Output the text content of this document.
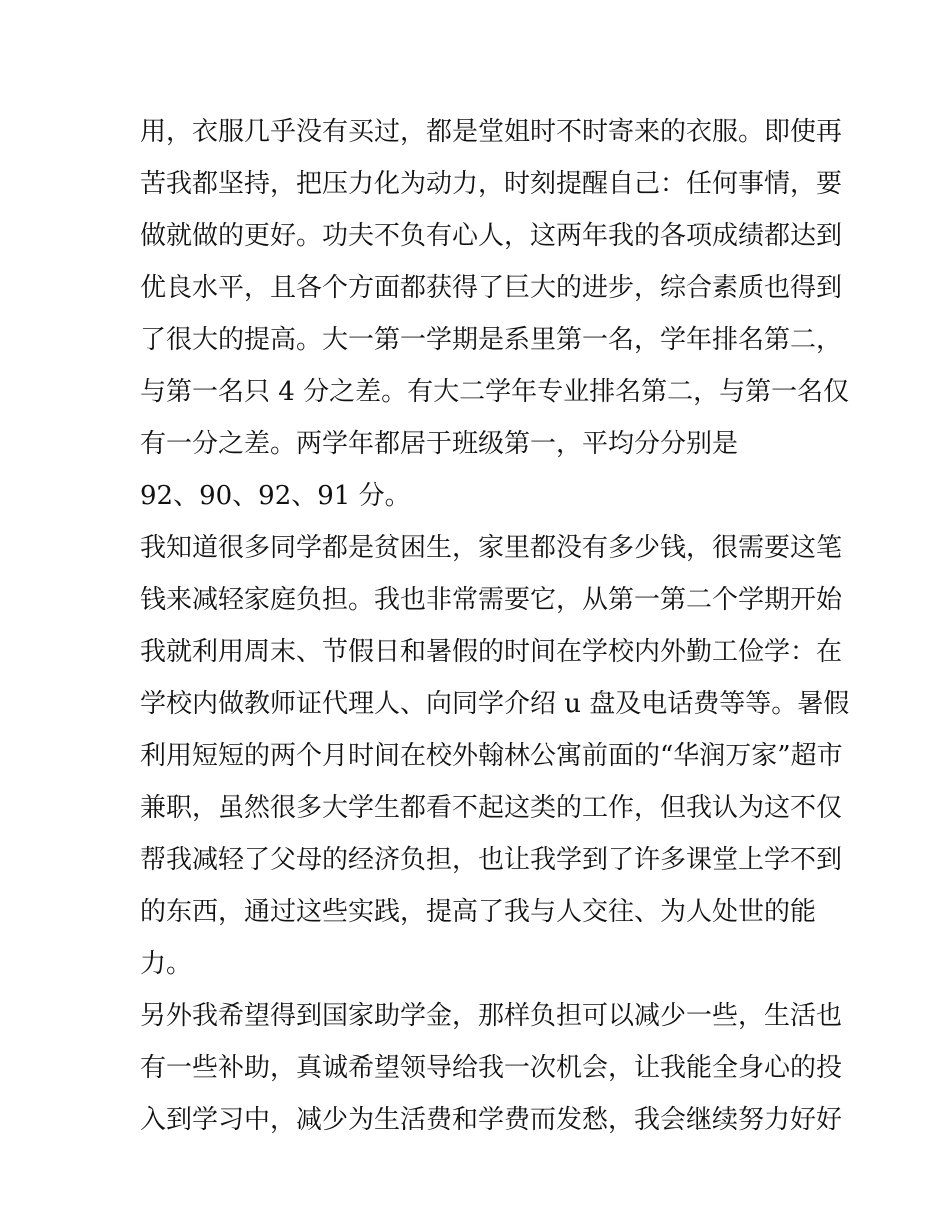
用，衣服几乎没有买过，都是堂姐时不时寄来的衣服。即使再
苦我都坚持，把压力化为动力，时刻提醒自己：任何事情，要
做就做的更好。功夫不负有心人，这两年我的各项成绩都达到
优良水平，且各个方面都获得了巨大的进步，综合素质也得到
了很大的提高。大一第一学期是系里第一名，学年排名第二，
与第一名只 4 分之差。有大二学年专业排名第二，与第一名仅
有一分之差。两学年都居于班级第一，平均分分别是
92、90、92、91 分。
我知道很多同学都是贫困生，家里都没有多少钱，很需要这笔
钱来减轻家庭负担。我也非常需要它，从第一第二个学期开始
我就利用周末、节假日和暑假的时间在学校内外勤工俭学：在
学校内做教师证代理人、向同学介绍 u 盘及电话费等等。暑假
利用短短的两个月时间在校外翰林公寓前面的“华润万家”超市
兼职，虽然很多大学生都看不起这类的工作，但我认为这不仅
帮我减轻了父母的经济负担，也让我学到了许多课堂上学不到
的东西，通过这些实践，提高了我与人交往、为人处世的能
力。
另外我希望得到国家助学金，那样负担可以减少一些，生活也
有一些补助，真诚希望领导给我一次机会，让我能全身心的投
入到学习中，减少为生活费和学费而发愁，我会继续努力好好
